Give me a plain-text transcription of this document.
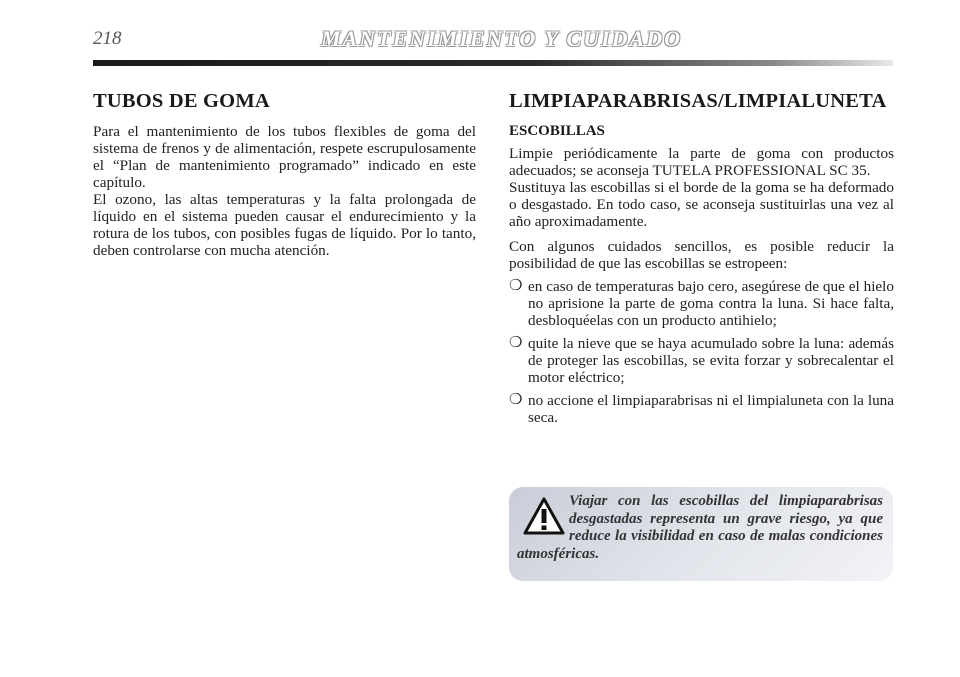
218	MANTENIMIENTO Y CUIDADO
TUBOS DE GOMA

Para el mantenimiento de los tubos flexibles de goma del sistema de frenos y de alimentación, respete escrupulosamente el “Plan de mantenimiento programado” indicado en este capítulo.

El ozono, las altas temperaturas y la falta prolongada de líquido en el sistema pueden causar el endurecimiento y la rotura de los tubos, con posibles fugas de líquido. Por lo tanto, deben controlarse con mucha atención.

LIMPIAPARABRISAS/LIMPIALUNETA
ESCOBILLAS

Limpie periódicamente la parte de goma con productos adecuados; se aconseja TUTELA PROFESSIONAL SC 35.

Sustituya las escobillas si el borde de la goma se ha deformado o desgastado. En todo caso, se aconseja sustituirlas una vez al año aproximadamente.

Con algunos cuidados sencillos, es posible reducir la posibilidad de que las escobillas se estropeen:

❍ en caso de temperaturas bajo cero, asegúrese de que el hielo no aprisione la parte de goma contra la luna. Si hace falta, desbloquéelas con un producto antihielo;
❍ quite la nieve que se haya acumulado sobre la luna: además de proteger las escobillas, se evita forzar y sobrecalentar el motor eléctrico;
❍ no accione el limpiaparabrisas ni el limpialuneta con la luna seca.
Viajar con las escobillas del limpiaparabrisas desgastadas representa un grave riesgo, ya que reduce la visibilidad en caso de malas condiciones atmosféricas.
